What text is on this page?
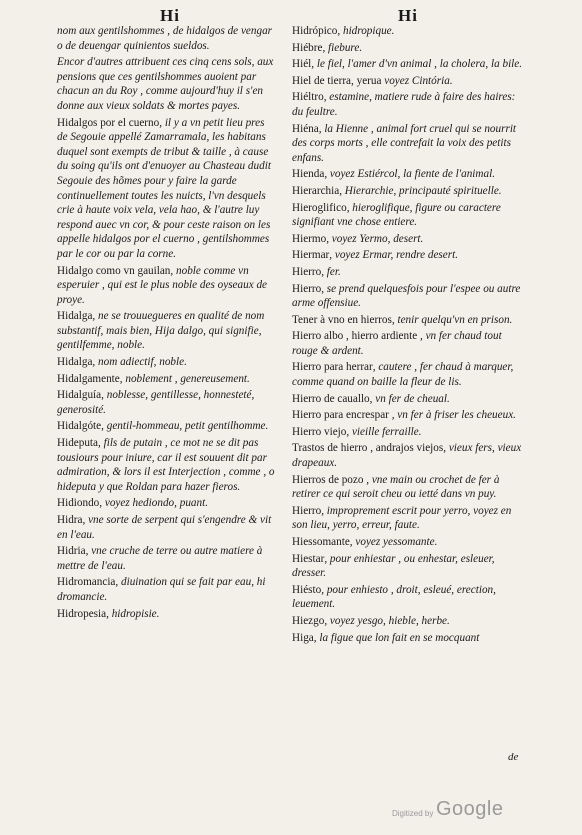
Hi	Hi
nom aux gentilshommes , de hidalgos de vengar o de deuengar quinientos sueldos.
Encor d'autres attribuent ces cinq cens sols, aux pensions que ces gentilshommes auoient par chacun an du Roy , comme aujourd'huy il s'en donne aux vieux soldats & mortes payes.
Hidalgos por el cuerno, il y a vn petit lieu pres de Segouie appellé Zamarramala, les habitans duquel sont exempts de tribut & taille , à cause du soing qu'ils ont d'enuoyer au Chasteau dudit Segouie des hõmes pour y faire la garde continuellement toutes les nuicts, l'vn desquels crie à haute voix vela, vela hao, & l'autre luy respond auec vn cor, & pour ceste raison on les appelle hidalgos por el cuerno , gentilshommes par le cor ou par la corne.
Hidalgo como vn gauilan, noble comme vn esperuier , qui est le plus noble des oyseaux de proye.
Hidalga, ne se trouuegueres en qualité de nom substantif, mais bien, Hija dalgo, qui signifie, gentilfemme, noble.
Hidalga, nom adiectif, noble.
Hidalgamente, noblement , genereusement.
Hidalguía, noblesse, gentillesse, honnesteté, generosité.
Hidalgóte, gentil-hommeau, petit gentilhomme.
Hideputa, fils de putain , ce mot ne se dit pas tousiours pour iniure, car il est souuent dit par admiration, & lors il est Interjection , comme , o hideputa y que Roldan para hazer fieros.
Hidiondo, voyez hediondo, puant.
Hidra, vne sorte de serpent qui s'engendre & vit en l'eau.
Hidria, vne cruche de terre ou autre matiere à mettre de l'eau.
Hidromancia, diuination qui se fait par eau, hi dromancie.
Hidropesia, hidropisie.
Hidrópico, hidropique.
Hiébre, fiebure.
Hiél, le fiel, l'amer d'vn animal , la cholera, la bile.
Hiel de tierra, yerua voyez Cintória.
Hiéltro, estamine, matiere rude à faire des haires: du feultre.
Hiéna, la Hienne , animal fort cruel qui se nourrit des corps morts , elle contrefait la voix des petits enfans.
Hienda, voyez Estiércol, la fiente de l'animal.
Hierarchia, Hierarchie, principauté spirituelle.
Hieroglifico, hieroglifique, figure ou caractere signifiant vne chose entiere.
Hiermo, voyez Yermo, desert.
Hiermar, voyez Ermar, rendre desert.
Hierro, fer.
Hierro, se prend quelquesfois pour l'espee ou autre arme offensiue.
Tener à vno en hierros, tenir quelqu'vn en prison.
Hierro albo , hierro ardiente , vn fer chaud tout rouge & ardent.
Hierro para herrar, cautere , fer chaud à marquer, comme quand on baille la fleur de lis.
Hierro de cauallo, vn fer de cheual.
Hierro para encrespar , vn fer à friser les cheueux.
Hierro viejo, vieille ferraille.
Trastos de hierro , andrajos viejos, vieux fers, vieux drapeaux.
Hierros de pozo , vne main ou crochet de fer à retirer ce qui seroit cheu ou ietté dans vn puy.
Hierro, improprement escrit pour yerro, voyez en son lieu, yerro, erreur, faute.
Hiessomante, voyez yessomante.
Hiestar, pour enhiestar , ou enhestar, esleuer, dresser.
Hiésto, pour enhiesto , droit, esleué, erection, leuement.
Hiezgo, voyez yesgo, hieble, herbe.
Higa, la figue que lon fait en se mocquant
de
Digitized by Google
